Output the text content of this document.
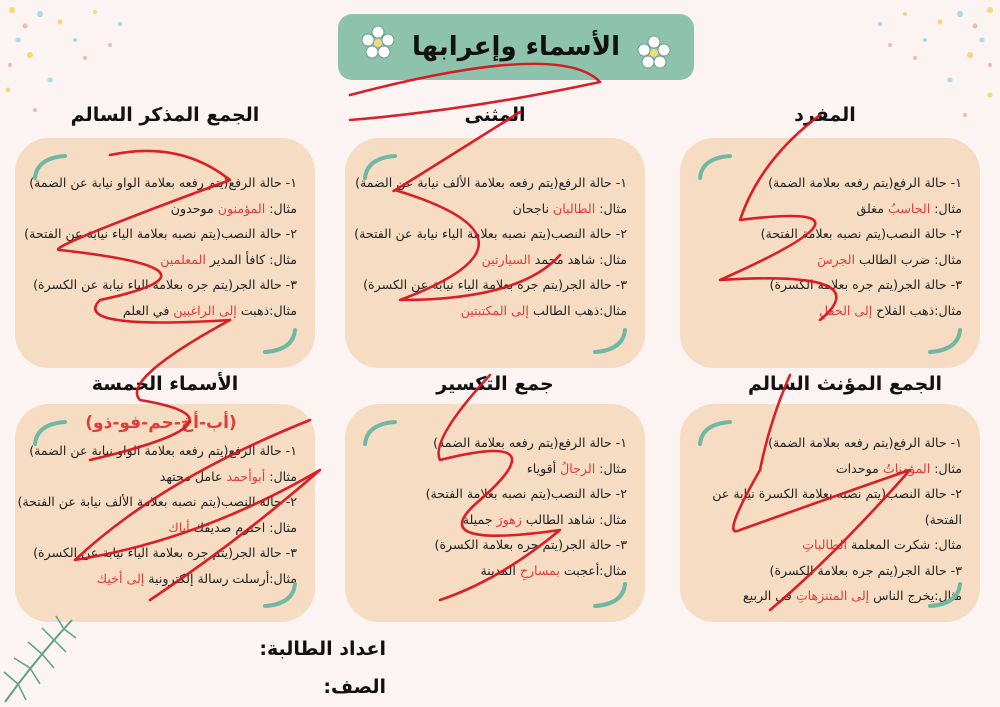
الأسماء وإعرابها
المفرد
المثنى
الجمع المذكر السالم
الجمع المؤنث السالم
جمع التكسير
الأسماء الخمسة
١- حالة الرفع(يتم رفعه بعلامة الضمة)
مثال: الحاسبُ مغلق
٢- حالة النصب(يتم نصبه بعلامة الفتحة)
مثال: ضرب الطالب الجرسَ
٣- حالة الجر(يتم جره بعلامة الكسرة)
مثال:ذهب الفلاح إلى الحقلِ
١- حالة الرفع(يتم رفعه بعلامة الألف نيابة عن الضمة)
مثال: الطالبان ناجحان
٢- حالة النصب(يتم نصبه بعلامة الياء نيابة عن الفتحة)
مثال: شاهد محمد السيارتين
٣- حالة الجر(يتم جره بعلامة الياء نيابة عن الكسرة)
مثال:ذهب الطالب إلى المكتبتين
١- حالة الرفع(يتم رفعه بعلامة الواو نيابة عن الضمة)
مثال: المؤمنون موحدون
٢- حالة النصب(يتم نصبه بعلامة الياء نيابة عن الفتحة)
مثال: كافأ المدير المعلمين
٣- حالة الجر(يتم جره بعلامة الياء نيابة عن الكسرة)
مثال:ذهبت إلى الراغبين في العلم
١- حالة الرفع(يتم رفعه بعلامة الضمة)
مثال: المؤمناتُ موحدات
٢- حالة النصب(يتم نصبه بعلامة الكسرة نيابة عن
الفتحة)
مثال: شكرت المعلمة الطالباتِ
٣- حالة الجر(يتم جره بعلامة الكسرة)
مثال:يخرج الناس إلى المتنزهاتِ في الربيع
١- حالة الرفع(يتم رفعه بعلامة الضمة)
مثال: الرجالُ أقوياء
٢- حالة النصب(يتم نصبه بعلامة الفتحة)
مثال: شاهد الطالب زهورَ جميلة
٣- حالة الجر(يتم جره بعلامة الكسرة)
مثال:أعجبت بمسارحِ المدينة
(أب-أخ-حم-فو-ذو)
١- حالة الرفع(يتم رفعه بعلامة الواو نيابة عن الضمة)
مثال: أبوأحمد عامل مجتهد
٢- حالة النصب(يتم نصبه بعلامة الألف نيابة عن الفتحة)
مثال: احترم صديقك أباك
٣- حالة الجر(يتم جره بعلامة الياء نيابة عن الكسرة)
مثال:أرسلت رسالة إلكترونية إلى أخيك
اعداد الطالبة:
الصف:
